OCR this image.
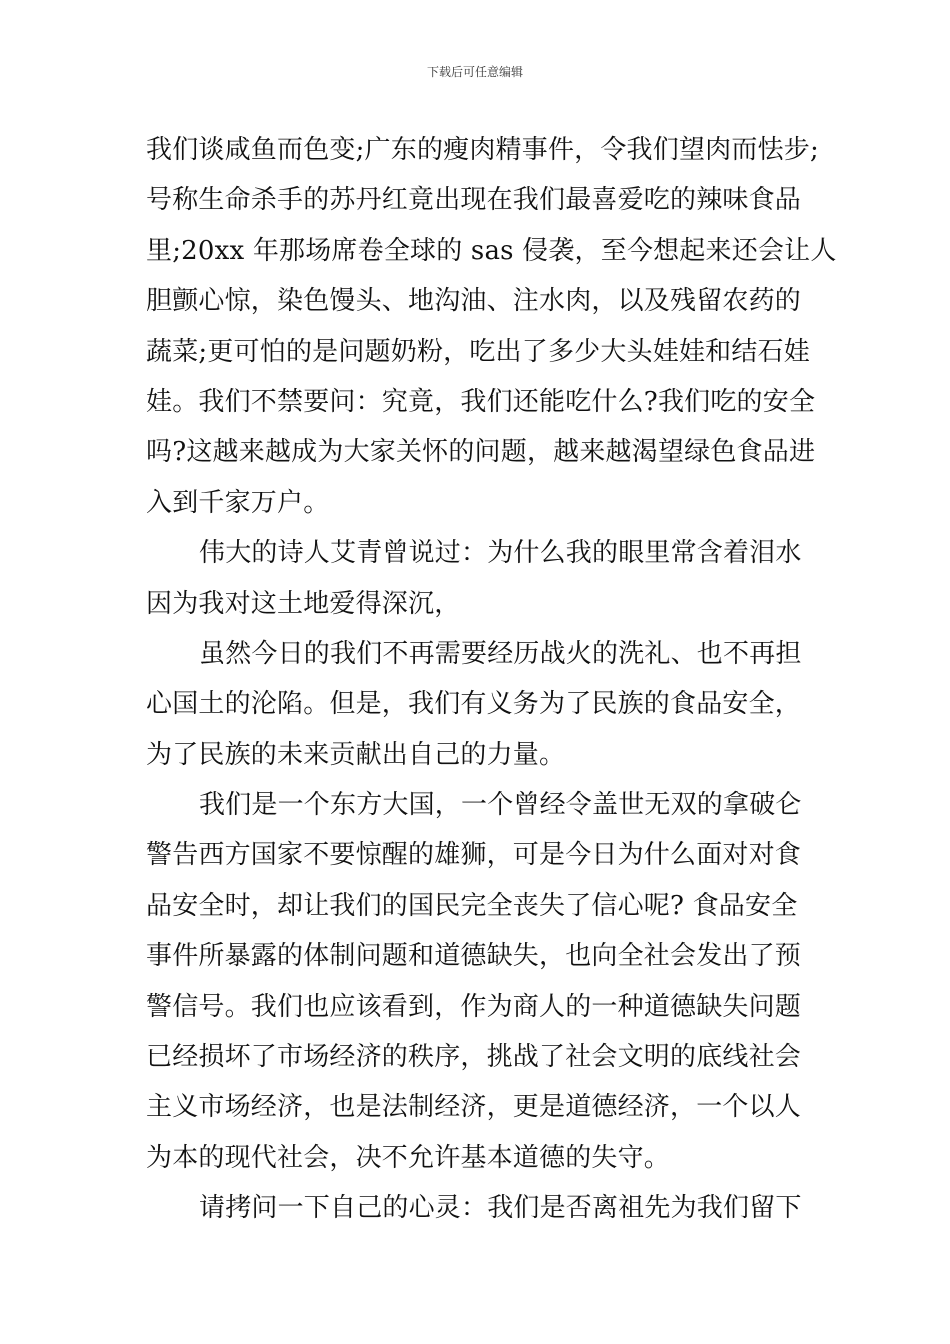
下载后可任意编辑
我们谈咸鱼而色变;广东的瘦肉精事件，令我们望肉而怯步;
号称生命杀手的苏丹红竟出现在我们最喜爱吃的辣味食品
里;20xx 年那场席卷全球的 sas 侵袭，至今想起来还会让人
胆颤心惊，染色馒头、地沟油、注水肉，以及残留农药的
蔬菜;更可怕的是问题奶粉，吃出了多少大头娃娃和结石娃
娃。我们不禁要问：究竟，我们还能吃什么?我们吃的安全
吗?这越来越成为大家关怀的问题，越来越渴望绿色食品进
入到千家万户。
伟大的诗人艾青曾说过：为什么我的眼里常含着泪水
因为我对这土地爱得深沉，
虽然今日的我们不再需要经历战火的洗礼、也不再担
心国土的沦陷。但是，我们有义务为了民族的食品安全，
为了民族的未来贡献出自己的力量。
我们是一个东方大国，一个曾经令盖世无双的拿破仑
警告西方国家不要惊醒的雄狮，可是今日为什么面对对食
品安全时，却让我们的国民完全丧失了信心呢? 食品安全
事件所暴露的体制问题和道德缺失，也向全社会发出了预
警信号。我们也应该看到，作为商人的一种道德缺失问题
已经损坏了市场经济的秩序，挑战了社会文明的底线社会
主义市场经济，也是法制经济，更是道德经济，一个以人
为本的现代社会，决不允许基本道德的失守。
请拷问一下自己的心灵：我们是否离祖先为我们留下
